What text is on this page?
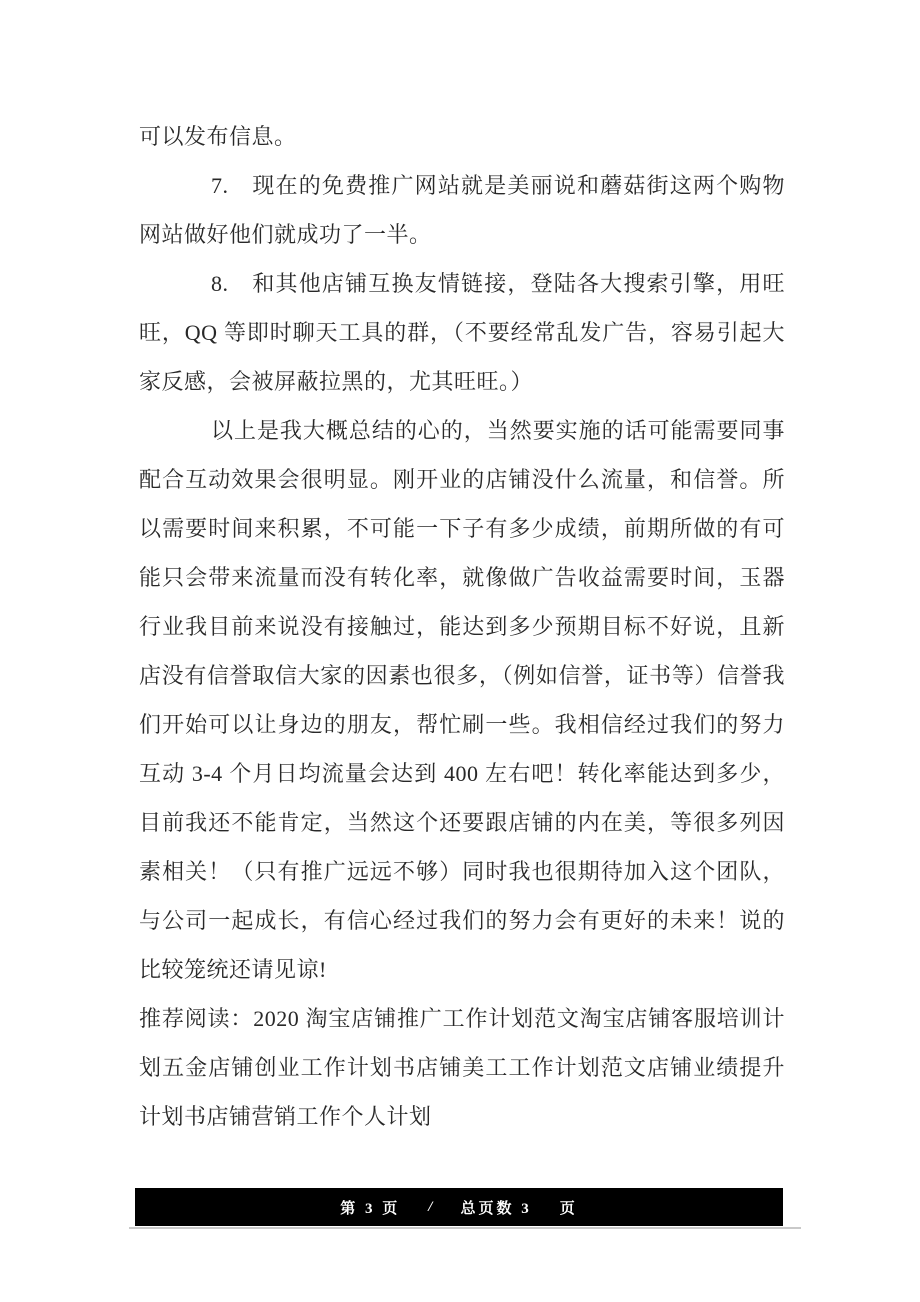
可以发布信息。

7.　现在的免费推广网站就是美丽说和蘑菇街这两个购物网站做好他们就成功了一半。

8.　和其他店铺互换友情链接，登陆各大搜索引擎，用旺旺，QQ 等即时聊天工具的群，（不要经常乱发广告，容易引起大家反感，会被屏蔽拉黑的，尤其旺旺。）

以上是我大概总结的心的，当然要实施的话可能需要同事配合互动效果会很明显。刚开业的店铺没什么流量，和信誉。所以需要时间来积累，不可能一下子有多少成绩，前期所做的有可能只会带来流量而没有转化率，就像做广告收益需要时间，玉器行业我目前来说没有接触过，能达到多少预期目标不好说，且新店没有信誉取信大家的因素也很多，（例如信誉，证书等）信誉我们开始可以让身边的朋友，帮忙刷一些。我相信经过我们的努力互动 3-4 个月日均流量会达到 400 左右吧！转化率能达到多少，目前我还不能肯定，当然这个还要跟店铺的内在美，等很多列因素相关！（只有推广远远不够）同时我也很期待加入这个团队，与公司一起成长，有信心经过我们的努力会有更好的未来！说的比较笼统还请见谅!

推荐阅读：2020 淘宝店铺推广工作计划范文淘宝店铺客服培训计划五金店铺创业工作计划书店铺美工工作计划范文店铺业绩提升计划书店铺营销工作个人计划

第 3 页 / 总页数 3 页
